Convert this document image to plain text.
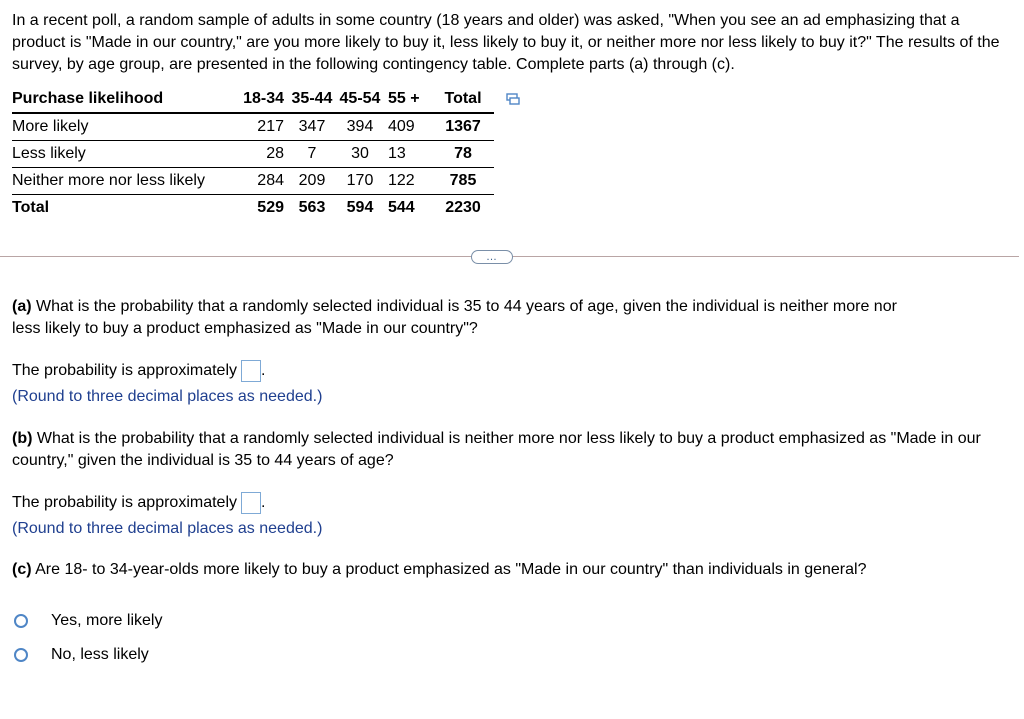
In a recent poll, a random sample of adults in some country (18 years and older) was asked, "When you see an ad emphasizing that a product is "Made in our country," are you more likely to buy it, less likely to buy it, or neither more nor less likely to buy it?" The results of the survey, by age group, are presented in the following contingency table. Complete parts (a) through (c).

Purchase likelihood	18-34	35-44	45-54	55 +	Total
More likely	217	347	394	409	1367
Less likely	28	7	30	13	78
Neither more nor less likely	284	209	170	122	785
Total	529	563	594	544	2230
…

(a) What is the probability that a randomly selected individual is 35 to 44 years of age, given the individual is neither more nor less likely to buy a product emphasized as "Made in our country"?

The probability is approximately .
(Round to three decimal places as needed.)

(b) What is the probability that a randomly selected individual is neither more nor less likely to buy a product emphasized as "Made in our country," given the individual is 35 to 44 years of age?

The probability is approximately .
(Round to three decimal places as needed.)

(c) Are 18- to 34-year-olds more likely to buy a product emphasized as "Made in our country" than individuals in general?

Yes, more likely
No, less likely
